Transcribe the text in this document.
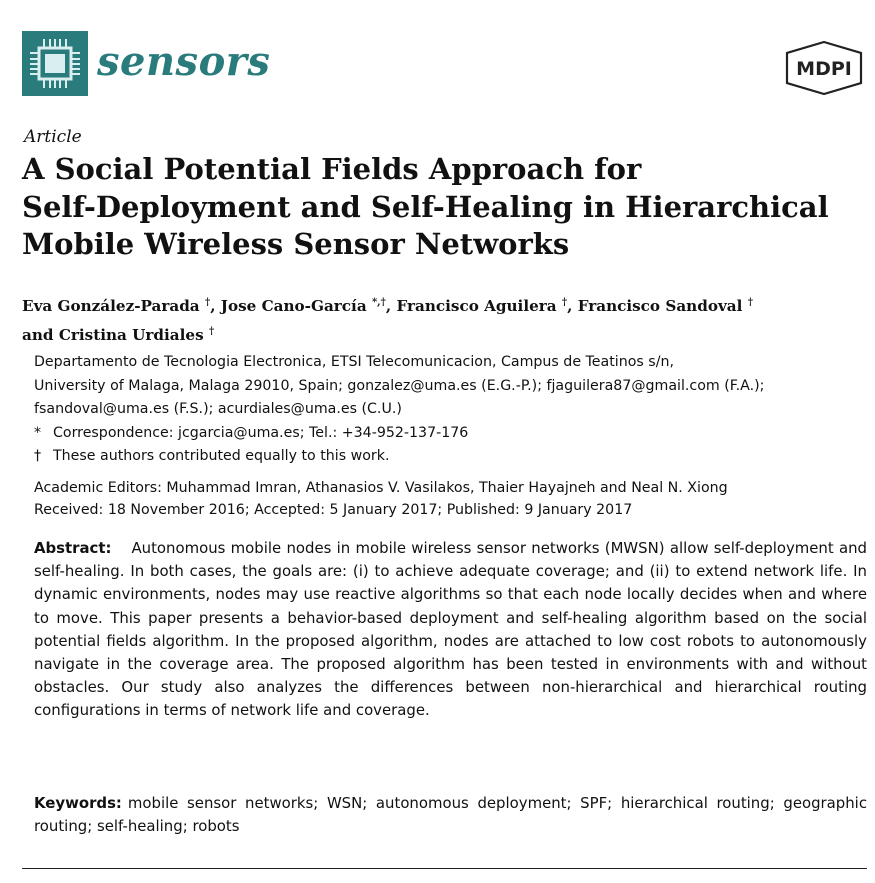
sensors	MDPI
Article
A Social Potential Fields Approach for
Self-Deployment and Self-Healing in Hierarchical
Mobile Wireless Sensor Networks
Eva González-Parada †, Jose Cano-García *,†, Francisco Aguilera †, Francisco Sandoval †
and Cristina Urdiales †
Departamento de Tecnologia Electronica, ETSI Telecomunicacion, Campus de Teatinos s/n,
University of Malaga, Malaga 29010, Spain; gonzalez@uma.es (E.G.-P.); fjaguilera87@gmail.com (F.A.);
fsandoval@uma.es (F.S.); acurdiales@uma.es (C.U.)
* Correspondence: jcgarcia@uma.es; Tel.: +34-952-137-176
† These authors contributed equally to this work.
Academic Editors: Muhammad Imran, Athanasios V. Vasilakos, Thaier Hayajneh and Neal N. Xiong
Received: 18 November 2016; Accepted: 5 January 2017; Published: 9 January 2017
Abstract: Autonomous mobile nodes in mobile wireless sensor networks (MWSN) allow self-deployment and self-healing. In both cases, the goals are: (i) to achieve adequate coverage; and (ii) to extend network life. In dynamic environments, nodes may use reactive algorithms so that each node locally decides when and where to move. This paper presents a behavior-based deployment and self-healing algorithm based on the social potential fields algorithm. In the proposed algorithm, nodes are attached to low cost robots to autonomously navigate in the coverage area. The proposed algorithm has been tested in environments with and without obstacles. Our study also analyzes the differences between non-hierarchical and hierarchical routing configurations in terms of network life and coverage.
Keywords: mobile sensor networks; WSN; autonomous deployment; SPF; hierarchical routing; geographic routing; self-healing; robots
